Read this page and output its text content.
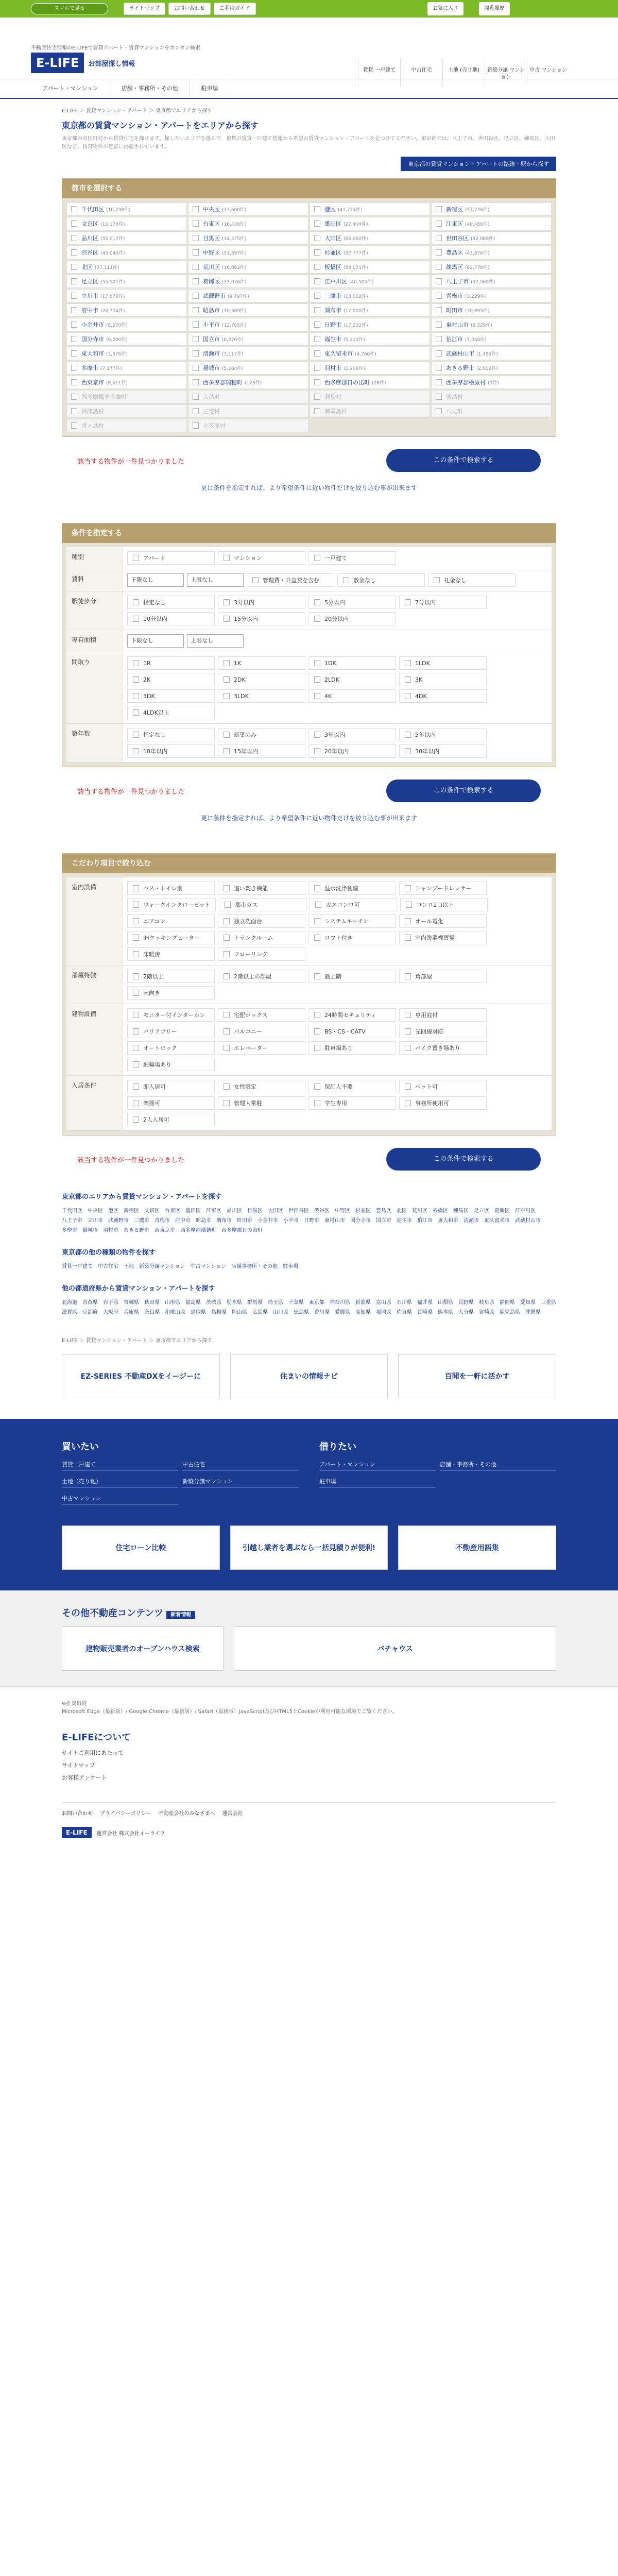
スマホで見る	サイトマップ	お問い合わせ	ご利用ガイド	お気に入り	閲覧履歴
不動産住宅情報のE-LIFEで賃貸アパート・賃貸マンションをカンタン検索
E-LIFE	お部屋探し情報
賃貸 一戸建て	中古住宅	土地 (売り地)	新築分譲 マンション
中古 マンション
アパート・マンション	店舗・事務所・その他	駐車場
E-LIFE ＞ 賃貸マンション・アパート ＞ 東京都でエリアから探す
東京都の賃貸マンション・アパートをエリアから探す
東京都の市区町村から賃貸住宅を探せます。探したいエリアを選んで、複数の賃貸一戸建て情報から希望の賃貸マンション・アパートを見つけてください。東京都では、八王子市、世田谷区、足立区、練馬区、大田区など、賃貸物件が豊富に掲載されています。
東京都の賃貸マンション・アパートの路線・駅から探す
都市を選択する
千代田区 (10,238件)	中央区 (17,600件)	港区 (41,774件)	新宿区 (53,776件)
文京区 (10,174件)	台東区 (16,430件)	墨田区 (27,404件)	江東区 (40,456件)
品川区 (55,017件)	目黒区 (34,575件)	大田区 (84,060件)	世田谷区 (92,069件)
渋谷区 (43,040件)	中野区 (51,397件)	杉並区 (57,777件)	豊島区 (43,876件)
北区 (37,111件)	荒川区 (16,062件)	板橋区 (58,071件)	練馬区 (62,778件)
足立区 (55,501件)	葛飾区 (33,076件)	江戸川区 (40,505件)	八王子市 (57,069件)
立川市 (17,679件)	武蔵野市 (9,797件)	三鷹市 (13,002件)	青梅市 (3,229件)
府中市 (22,704件)	昭島市 (10,369件)	調布市 (17,000件)	町田市 (30,095件)
小金井市 (8,270件)	小平市 (12,705件)	日野市 (17,232件)	東村山市 (9,329件)
国分寺市 (9,200件)	国立市 (6,270件)	福生市 (5,213件)	狛江市 (7,046件)
東大和市 (3,376件)	清瀬市 (3,117件)	東久留米市 (4,760件)	武蔵村山市 (1,495件)
多摩市 (7,177件)	稲城市 (5,104件)	羽村市 (2,204件)	あきる野市 (2,002件)
西東京市 (8,611件)	西多摩郡瑞穂町 (123件)	西多摩郡日の出町 (28件)	西多摩郡檜原村 (0件)
西多摩郡奥多摩町	大島町	利島村	新島村
神津島村	三宅村	御蔵島村	八丈町
青ヶ島村	小笠原村
該当する物件が一件見つかりました	この条件で検索する
更に条件を指定すれば、より希望条件に近い物件だけを絞り込む事が出来ます
条件を指定する
種別	アパート	マンション	一戸建て
賃料	下限なし	上限なし	管理費・共益費を含む	敷金なし	礼金なし
駅徒歩分	指定なし	3分以内	5分以内	7分以内
10分以内	15分以内	20分以内
専有面積	下限なし	上限なし
間取り	1R	1K	1DK	1LDK
2K	2DK	2LDK	3K
3DK	3LDK	4K	4DK
4LDK以上
築年数	指定なし	新築のみ	3年以内	5年以内
10年以内	15年以内	20年以内	30年以内
該当する物件が一件見つかりました	この条件で検索する
更に条件を指定すれば、より希望条件に近い物件だけを絞り込む事が出来ます
こだわり項目で絞り込む
室内設備	バス・トイレ別	追い焚き機能	温水洗浄便座	シャンプードレッサー
ウォークインクローゼット	都市ガス	ガスコンロ可	コンロ2口以上
エアコン	独立洗面台	システムキッチン	オール電化
IHクッキングヒーター	トランクルーム	ロフト付き	室内洗濯機置場
床暖房	フローリング
部屋特徴	2階以上	2階以上の部屋	最上階	角部屋
南向き
建物設備	モニター付インターホン	宅配ボックス	24時間セキュリティ	専用庭付
バリアフリー	バルコニー	BS・CS・CATV	光回線対応
オートロック	エレベーター	駐車場あり	バイク置き場あり
駐輪場あり
入居条件	即入居可	女性限定	保証人不要	ペット可
楽器可	管理人常駐	学生専用	事務所使用可
2人入居可
該当する物件が一件見つかりました	この条件で検索する
東京都のエリアから賃貸マンション・アパートを探す
千代田区 中央区 港区 新宿区 文京区 台東区 墨田区 江東区 品川区 目黒区 大田区 世田谷区 渋谷区 中野区 杉並区 豊島区 北区 荒川区 板橋区 練馬区 足立区 葛飾区 江戸川区
八王子市 立川市 武蔵野市 三鷹市 青梅市 府中市 昭島市 調布市 町田市 小金井市 小平市 日野市 東村山市 国分寺市 国立市 福生市 狛江市 東大和市 清瀬市 東久留米市 武蔵村山市
多摩市 稲城市 羽村市 あきる野市 西東京市 西多摩郡瑞穂町 西多摩郡日の出町
東京都の他の種類の物件を探す
賃貸一戸建て 中古住宅 土地 新築分譲マンション 中古マンション 店舗事務所・その他 駐車場
他の都道府県から賃貸マンション・アパートを探す
北海道 青森県 岩手県 宮城県 秋田県 山形県 福島県 茨城県 栃木県 群馬県 埼玉県 千葉県 東京都 神奈川県 新潟県 富山県 石川県 福井県 山梨県 長野県 岐阜県 静岡県 愛知県 三重県
滋賀県 京都府 大阪府 兵庫県 奈良県 和歌山県 鳥取県 島根県 岡山県 広島県 山口県 徳島県 香川県 愛媛県 高知県 福岡県 佐賀県 長崎県 熊本県 大分県 宮崎県 鹿児島県 沖縄県
E-LIFE ＞ 賃貸マンション・アパート ＞ 東京都でエリアから探す
EZ-SERIES 不動産DXをイージーに	住まいの情報ナビ	百聞を一軒に活かす
買いたい
賃貸一戸建て	中古住宅
土地（売り地）	新築分譲マンション
中古マンション
借りたい
アパート・マンション	店舗・事務所・その他
駐車場
住宅ローン比較	引越し業者を選ぶなら一括見積りが便利!	不動産用語集
その他不動産コンテンツ 新着情報
建物販売業者のオープンハウス検索	バチャウス
※推奨環境
Microsoft Edge（最新版）/ Google Chrome（最新版）/ Safari（最新版）JavaScript及びHTML5とCookieが利用可能な環境でご覧ください。
E-LIFEについて
サイトご利用にあたって
サイトマップ
お客様アンケート
お問い合わせ プライバシーポリシー 不動産会社のみなさまへ 運営会社
E-LIFE	運営会社 株式会社イーライフ
